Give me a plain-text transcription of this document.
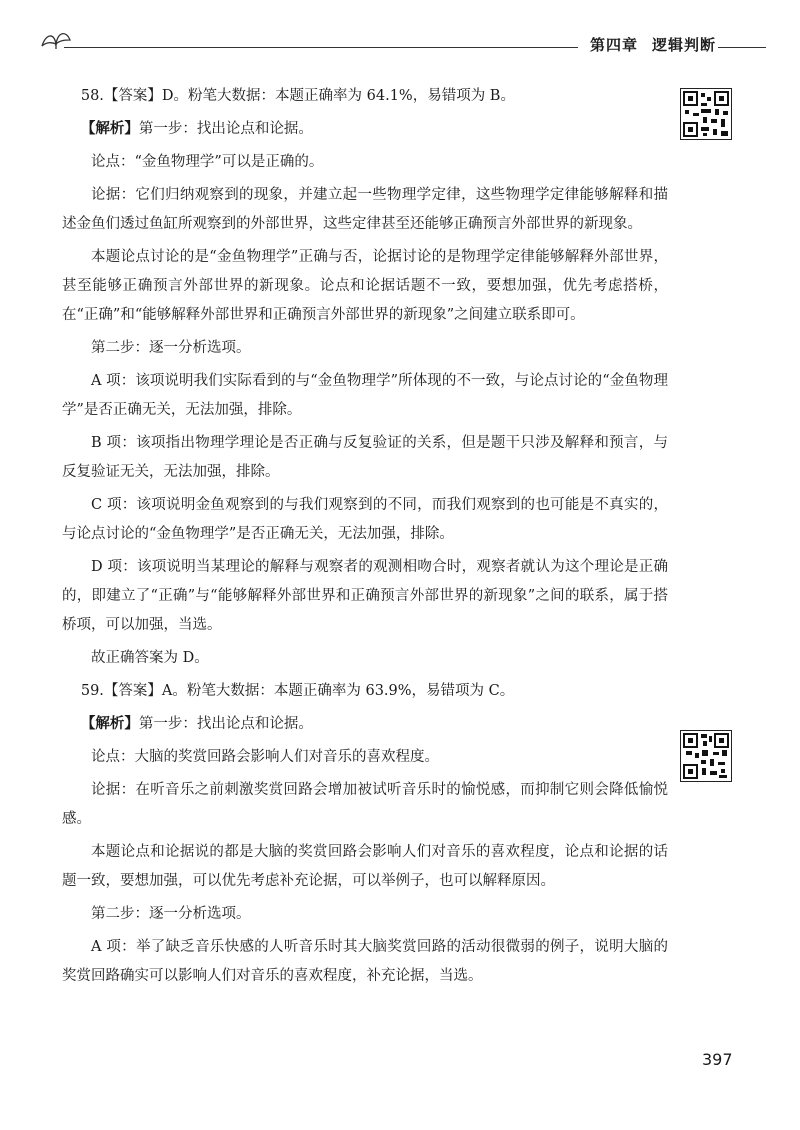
第四章 逻辑判断

58.【答案】D。粉笔大数据：本题正确率为 64.1%，易错项为 B。

【解析】第一步：找出论点和论据。

论点：“金鱼物理学”可以是正确的。

论据：它们归纳观察到的现象，并建立起一些物理学定律，这些物理学定律能够解释和描述金鱼们透过鱼缸所观察到的外部世界，这些定律甚至还能够正确预言外部世界的新现象。

本题论点讨论的是“金鱼物理学”正确与否，论据讨论的是物理学定律能够解释外部世界，甚至能够正确预言外部世界的新现象。论点和论据话题不一致，要想加强，优先考虑搭桥，在“正确”和“能够解释外部世界和正确预言外部世界的新现象”之间建立联系即可。

第二步：逐一分析选项。

A 项：该项说明我们实际看到的与“金鱼物理学”所体现的不一致，与论点讨论的“金鱼物理学”是否正确无关，无法加强，排除。

B 项：该项指出物理学理论是否正确与反复验证的关系，但是题干只涉及解释和预言，与反复验证无关，无法加强，排除。

C 项：该项说明金鱼观察到的与我们观察到的不同，而我们观察到的也可能是不真实的，与论点讨论的“金鱼物理学”是否正确无关，无法加强，排除。

D 项：该项说明当某理论的解释与观察者的观测相吻合时，观察者就认为这个理论是正确的，即建立了“正确”与“能够解释外部世界和正确预言外部世界的新现象”之间的联系，属于搭桥项，可以加强，当选。

故正确答案为 D。

59.【答案】A。粉笔大数据：本题正确率为 63.9%，易错项为 C。

【解析】第一步：找出论点和论据。

论点：大脑的奖赏回路会影响人们对音乐的喜欢程度。

论据：在听音乐之前刺激奖赏回路会增加被试听音乐时的愉悦感，而抑制它则会降低愉悦感。

本题论点和论据说的都是大脑的奖赏回路会影响人们对音乐的喜欢程度，论点和论据的话题一致，要想加强，可以优先考虑补充论据，可以举例子，也可以解释原因。

第二步：逐一分析选项。

A 项：举了缺乏音乐快感的人听音乐时其大脑奖赏回路的活动很微弱的例子，说明大脑的奖赏回路确实可以影响人们对音乐的喜欢程度，补充论据，当选。

397
